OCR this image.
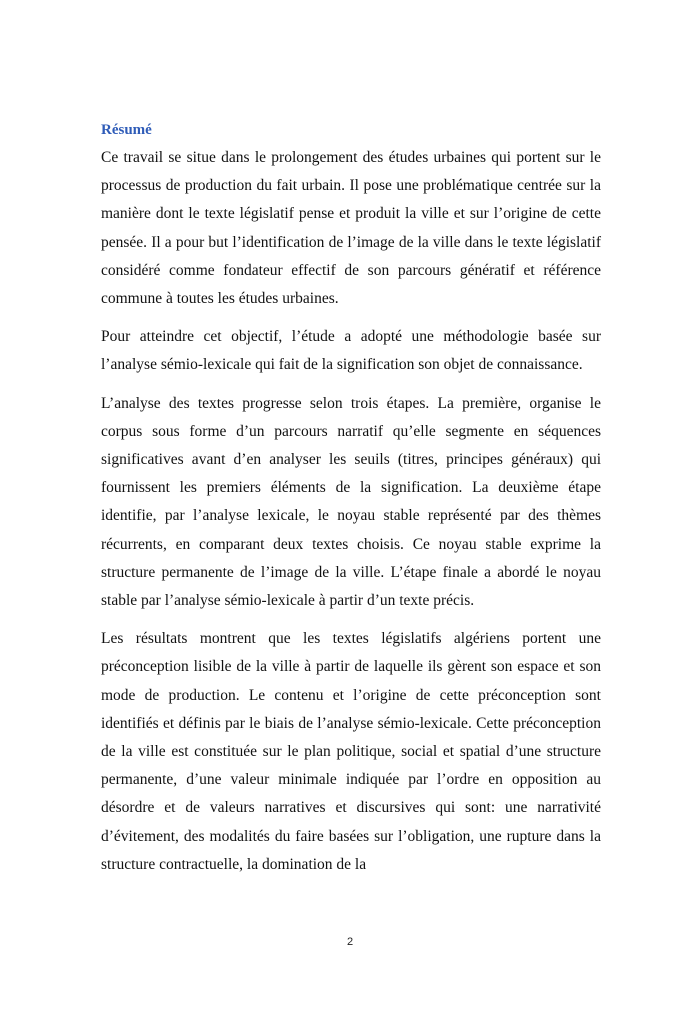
Résumé

Ce travail se situe dans le prolongement des études urbaines qui portent sur le processus de production du fait urbain. Il pose une problématique centrée sur la manière dont le texte législatif pense et produit la ville et sur l’origine de cette pensée. Il a pour but l’identification de l’image de la ville dans le texte législatif considéré comme fondateur effectif de son parcours génératif et référence commune à toutes les études urbaines.

Pour atteindre cet objectif, l’étude a adopté une méthodologie basée sur l’analyse sémio-lexicale qui fait de la signification son objet de connaissance.

L’analyse des textes progresse selon trois étapes. La première, organise le corpus sous forme d’un parcours narratif qu’elle segmente en séquences significatives avant d’en analyser les seuils (titres, principes généraux) qui fournissent les premiers éléments de la signification. La deuxième étape identifie, par l’analyse lexicale, le noyau stable représenté par des thèmes récurrents, en comparant deux textes choisis. Ce noyau stable exprime la structure permanente de l’image de la ville. L’étape finale a abordé le noyau stable par l’analyse sémio-lexicale à partir d’un texte précis.

Les résultats montrent que les textes législatifs algériens portent une préconception lisible de la ville à partir de laquelle ils gèrent son espace et son mode de production. Le contenu et l’origine de cette préconception sont identifiés et définis par le biais de l’analyse sémio-lexicale. Cette préconception de la ville est constituée sur le plan politique, social et spatial d’une structure permanente, d’une valeur minimale indiquée par l’ordre en opposition au désordre et de valeurs narratives et discursives qui sont: une narrativité d’évitement, des modalités du faire basées sur l’obligation, une rupture dans la structure contractuelle, la domination de la

2
